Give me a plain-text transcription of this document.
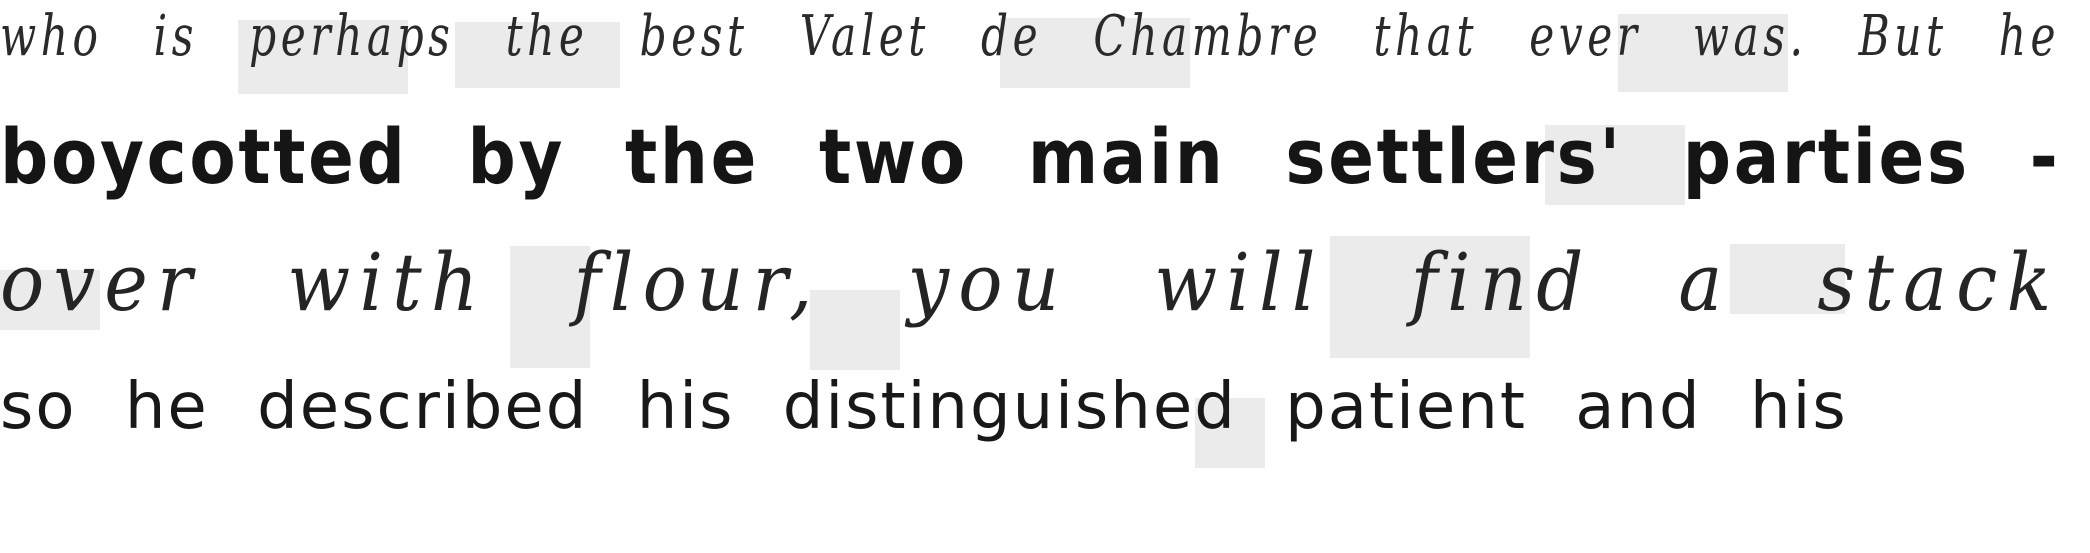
who is perhaps the best Valet de Chambre that ever was. But he
boycotted by the two main settlers' parties -
over with flour, you will find a stack
so he described his distinguished patient and his
